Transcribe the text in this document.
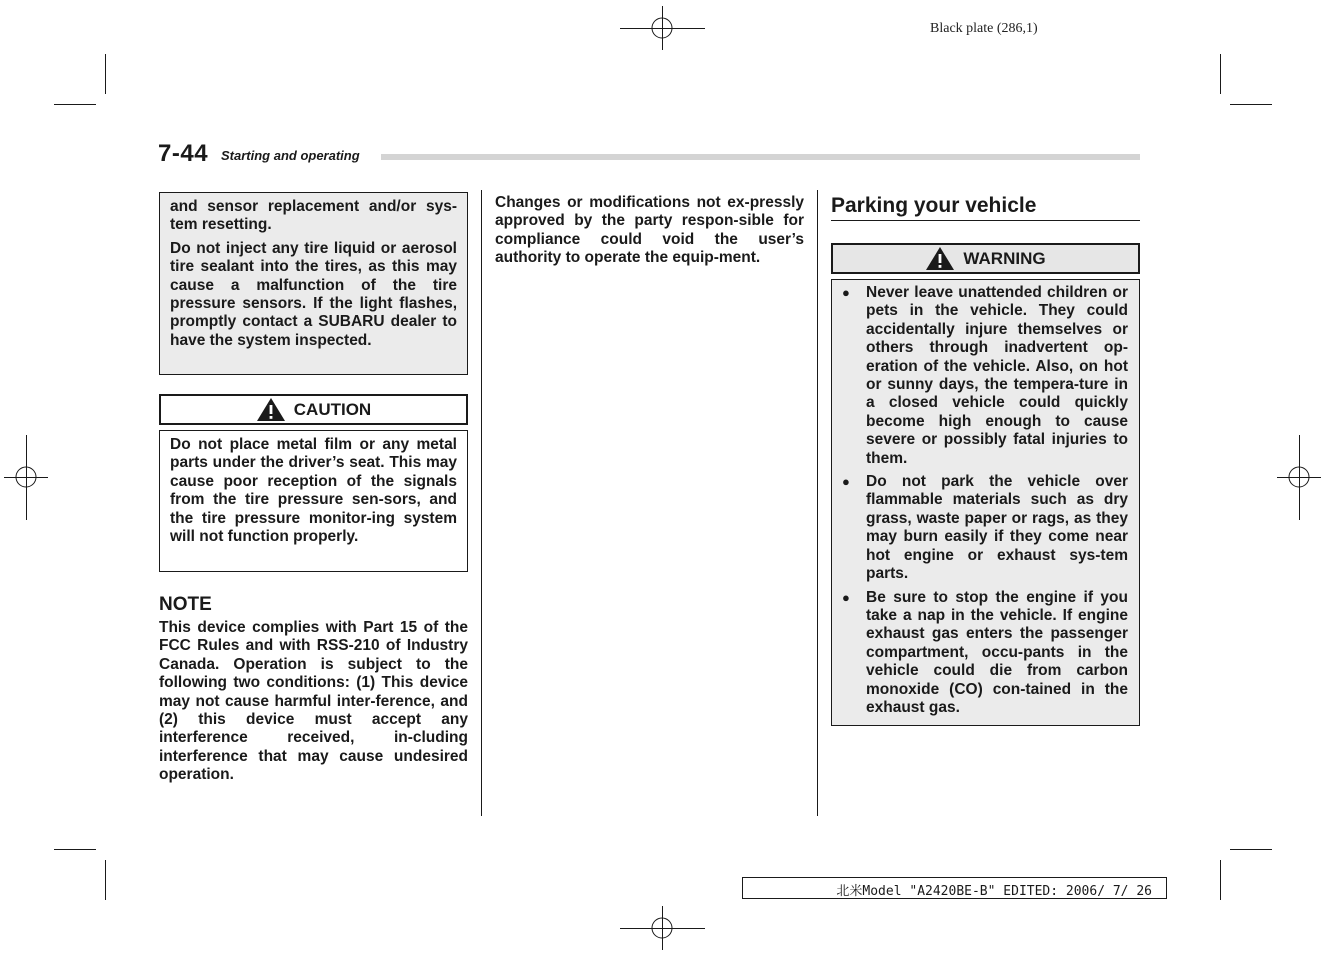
Black plate (286,1)
7-44 Starting and operating

and sensor replacement and/or sys-tem resetting.

Do not inject any tire liquid or aerosol tire sealant into the tires, as this may cause a malfunction of the tire pressure sensors. If the light flashes, promptly contact a SUBARU dealer to have the system inspected.

CAUTION

Do not place metal film or any metal parts under the driver’s seat. This may cause poor reception of the signals from the tire pressure sen-sors, and the tire pressure monitor-ing system will not function properly.

NOTE
This device complies with Part 15 of the FCC Rules and with RSS-210 of Industry Canada. Operation is subject to the following two conditions: (1) This device may not cause harmful inter-ference, and (2) this device must accept any interference received, in-cluding interference that may cause undesired operation.
Changes or modifications not ex-pressly approved by the party respon-sible for compliance could void the user’s authority to operate the equip-ment.
Parking your vehicle
WARNING
● Never leave unattended children or pets in the vehicle. They could accidentally injure themselves or others through inadvertent op-eration of the vehicle. Also, on hot or sunny days, the tempera-ture in a closed vehicle could quickly become high enough to cause severe or possibly fatal injuries to them.
● Do not park the vehicle over flammable materials such as dry grass, waste paper or rags, as they may burn easily if they come near hot engine or exhaust sys-tem parts.
● Be sure to stop the engine if you take a nap in the vehicle. If engine exhaust gas enters the passenger compartment, occu-pants in the vehicle could die from carbon monoxide (CO) con-tained in the exhaust gas.
北米Model "A2420BE-B" EDITED: 2006/ 7/ 26
